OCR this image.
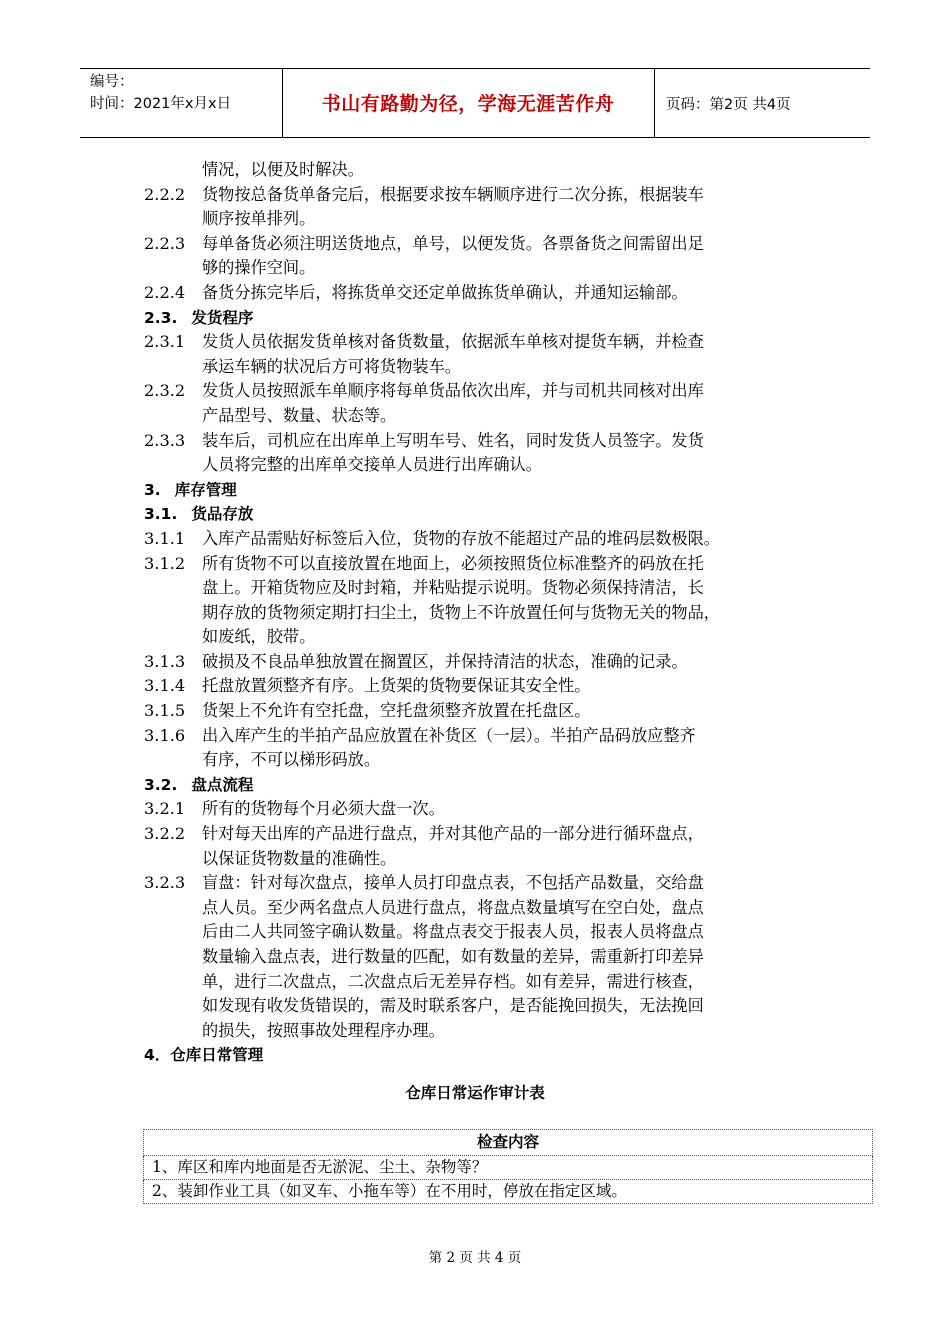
编号：
时间：2021年x月x日	书山有路勤为径，学海无涯苦作舟	页码：第2页 共4页
情况，以便及时解决。
2.2.2	货物按总备货单备完后，根据要求按车辆顺序进行二次分拣，根据装车
顺序按单排列。
2.2.3	每单备货必须注明送货地点，单号，以便发货。各票备货之间需留出足
够的操作空间。
2.2.4	备货分拣完毕后，将拣货单交还定单做拣货单确认，并通知运输部。
2.3. 发货程序
2.3.1	发货人员依据发货单核对备货数量，依据派车单核对提货车辆，并检查
承运车辆的状况后方可将货物装车。
2.3.2	发货人员按照派车单顺序将每单货品依次出库，并与司机共同核对出库
产品型号、数量、状态等。
2.3.3	装车后，司机应在出库单上写明车号、姓名，同时发货人员签字。发货
人员将完整的出库单交接单人员进行出库确认。
3. 库存管理
3.1. 货品存放
3.1.1	入库产品需贴好标签后入位，货物的存放不能超过产品的堆码层数极限。
3.1.2	所有货物不可以直接放置在地面上，必须按照货位标准整齐的码放在托
盘上。开箱货物应及时封箱，并粘贴提示说明。货物必须保持清洁，长
期存放的货物须定期打扫尘土，货物上不许放置任何与货物无关的物品，
如废纸，胶带。
3.1.3	破损及不良品单独放置在搁置区，并保持清洁的状态，准确的记录。
3.1.4	托盘放置须整齐有序。上货架的货物要保证其安全性。
3.1.5	货架上不允许有空托盘，空托盘须整齐放置在托盘区。
3.1.6	出入库产生的半拍产品应放置在补货区（一层）。半拍产品码放应整齐
有序，不可以梯形码放。
3.2. 盘点流程
3.2.1	所有的货物每个月必须大盘一次。
3.2.2	针对每天出库的产品进行盘点，并对其他产品的一部分进行循环盘点，
以保证货物数量的准确性。
3.2.3	盲盘：针对每次盘点，接单人员打印盘点表，不包括产品数量，交给盘
点人员。至少两名盘点人员进行盘点，将盘点数量填写在空白处，盘点
后由二人共同签字确认数量。将盘点表交于报表人员，报表人员将盘点
数量输入盘点表，进行数量的匹配，如有数量的差异，需重新打印差异
单，进行二次盘点，二次盘点后无差异存档。如有差异，需进行核查，
如发现有收发货错误的，需及时联系客户，是否能挽回损失，无法挽回
的损失，按照事故处理程序办理。
4．仓库日常管理
仓库日常运作审计表
检查内容
1、库区和库内地面是否无淤泥、尘土、杂物等？
2、装卸作业工具（如叉车、小拖车等）在不用时，停放在指定区域。
第 2 页 共 4 页
